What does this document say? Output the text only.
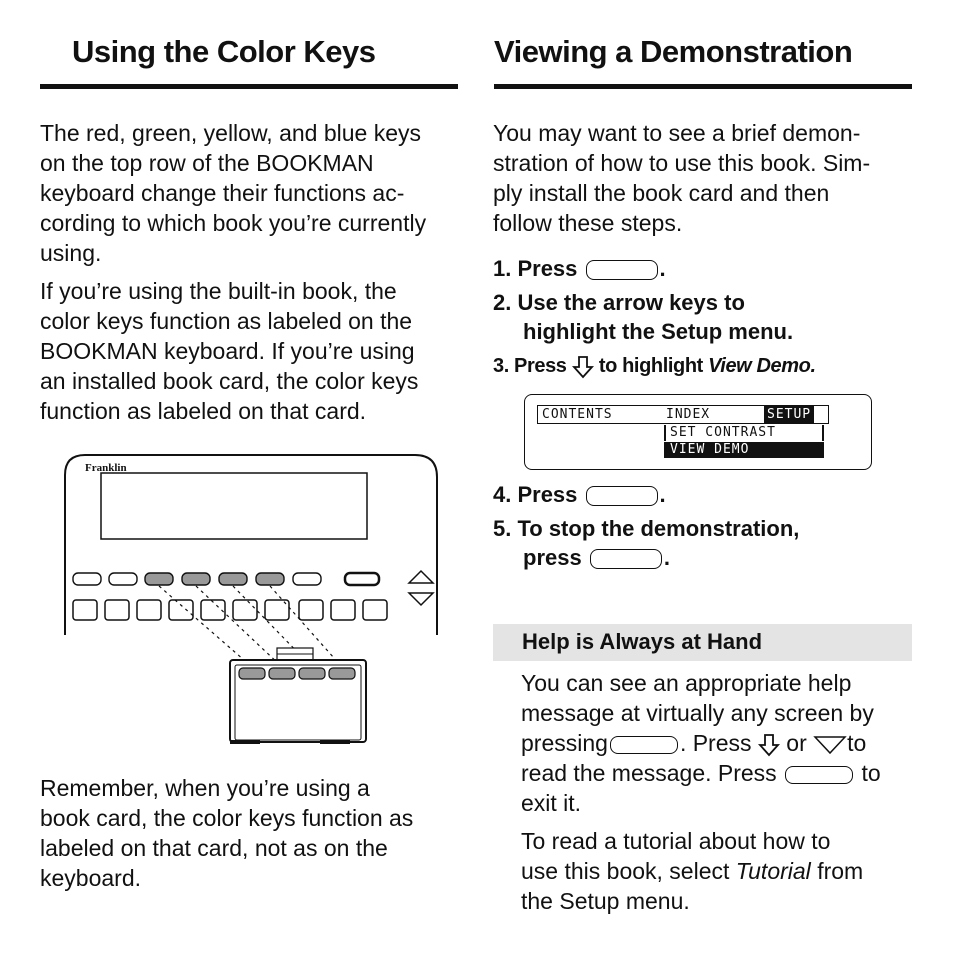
Using the Color Keys
The red, green, yellow, and blue keys
on the top row of the BOOKMAN
keyboard change their functions ac-
cording to which book you’re currently
using.
If you’re using the built-in book, the
color keys function as labeled on the
BOOKMAN keyboard. If you’re using
an installed book card, the color keys
function as labeled on that card.
Franklin
Remember, when you’re using a
book card, the color keys function as
labeled on that card, not as on the
keyboard.
Viewing a Demonstration
You may want to see a brief demon-
stration of how to use this book. Sim-
ply install the book card and then
follow these steps.
1. Press	.
2. Use the arrow keys to
highlight the Setup menu.
3. Press to highlight View Demo.
CONTENTS	INDEX	SETUP
SET CONTRAST
VIEW DEMO
4. Press	.
5. To stop the demonstration,
press	.
Help is Always at Hand
You can see an appropriate help
message at virtually any screen by
pressing	. Press or to
read the message. Press	to
exit it.
To read a tutorial about how to
use this book, select Tutorial from
the Setup menu.
